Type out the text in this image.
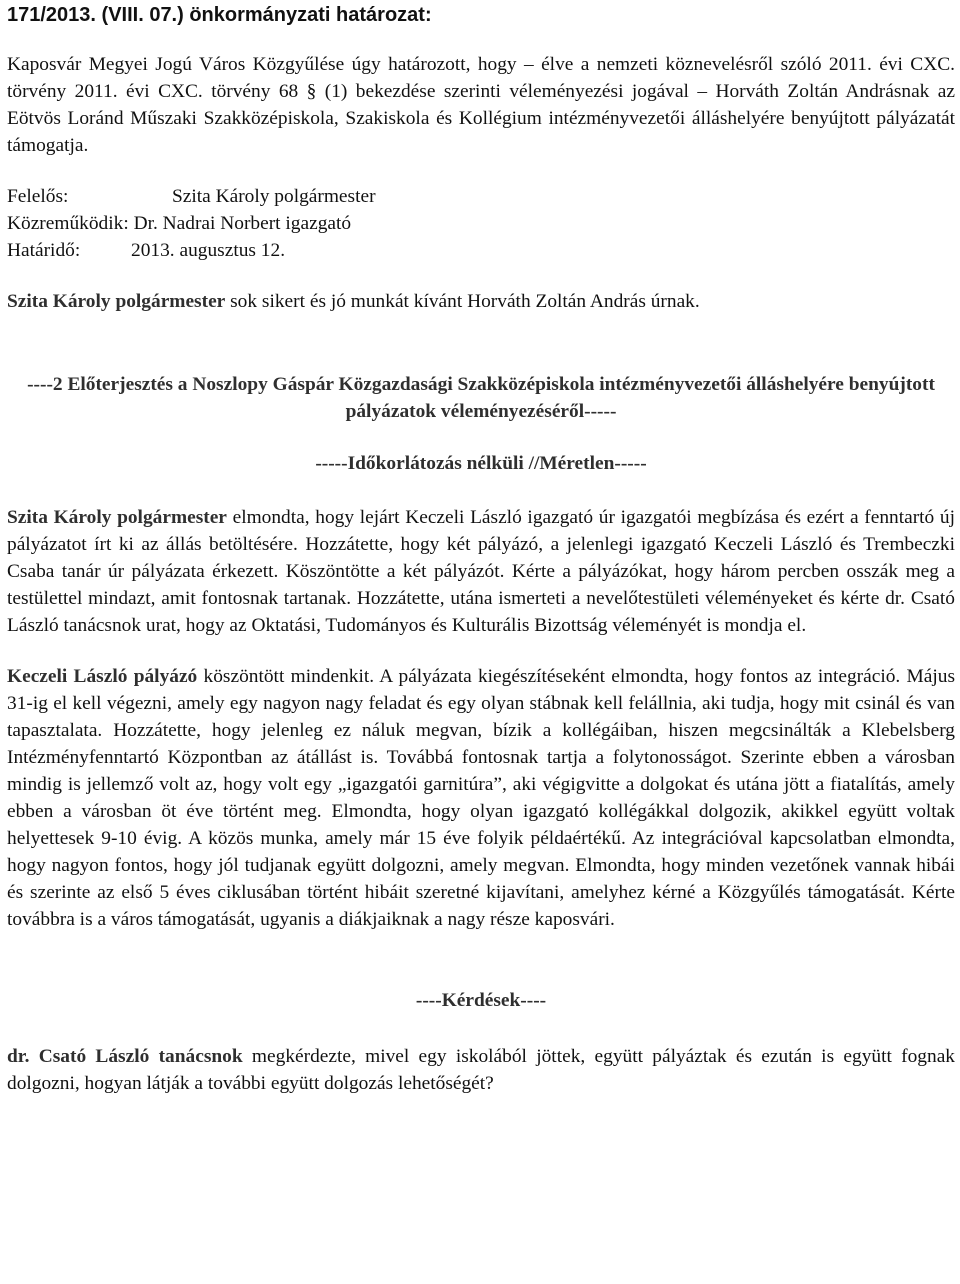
171/2013. (VIII. 07.) önkormányzati határozat:

Kaposvár Megyei Jogú Város Közgyűlése úgy határozott, hogy – élve a nemzeti köznevelésről szóló 2011. évi CXC. törvény 2011. évi CXC. törvény 68 § (1) bekezdése szerinti véleményezési jogával – Horváth Zoltán Andrásnak az Eötvös Loránd Műszaki Szakközépiskola, Szakiskola és Kollégium intézményvezetői álláshelyére benyújtott pályázatát támogatja.

Felelős:	Szita Károly polgármester
Közreműködik: Dr. Nadrai Norbert igazgató
Határidő:	2013. augusztus 12.

Szita Károly polgármester sok sikert és jó munkát kívánt Horváth Zoltán András úrnak.

----2 Előterjesztés a Noszlopy Gáspár Közgazdasági Szakközépiskola intézményvezetői álláshelyére benyújtott pályázatok véleményezéséről-----
-----Időkorlátozás nélküli //Méretlen-----

Szita Károly polgármester elmondta, hogy lejárt Keczeli László igazgató úr igazgatói megbízása és ezért a fenntartó új pályázatot írt ki az állás betöltésére. Hozzátette, hogy két pályázó, a jelenlegi igazgató Keczeli László és Trembeczki Csaba tanár úr pályázata érkezett. Köszöntötte a két pályázót. Kérte a pályázókat, hogy három percben osszák meg a testülettel mindazt, amit fontosnak tartanak. Hozzátette, utána ismerteti a nevelőtestületi véleményeket és kérte dr. Csató László tanácsnok urat, hogy az Oktatási, Tudományos és Kulturális Bizottság véleményét is mondja el.

Keczeli László pályázó köszöntött mindenkit. A pályázata kiegészítéseként elmondta, hogy fontos az integráció. Május 31-ig el kell végezni, amely egy nagyon nagy feladat és egy olyan stábnak kell felállnia, aki tudja, hogy mit csinál és van tapasztalata. Hozzátette, hogy jelenleg ez náluk megvan, bízik a kollégáiban, hiszen megcsinálták a Klebelsberg Intézményfenntartó Központban az átállást is. Továbbá fontosnak tartja a folytonosságot. Szerinte ebben a városban mindig is jellemző volt az, hogy volt egy „igazgatói garnitúra”, aki végigvitte a dolgokat és utána jött a fiatalítás, amely ebben a városban öt éve történt meg. Elmondta, hogy olyan igazgató kollégákkal dolgozik, akikkel együtt voltak helyettesek 9-10 évig. A közös munka, amely már 15 éve folyik példaértékű. Az integrációval kapcsolatban elmondta, hogy nagyon fontos, hogy jól tudjanak együtt dolgozni, amely megvan. Elmondta, hogy minden vezetőnek vannak hibái és szerinte az első 5 éves ciklusában történt hibáit szeretné kijavítani, amelyhez kérné a Közgyűlés támogatását. Kérte továbbra is a város támogatását, ugyanis a diákjaiknak a nagy része kaposvári.

----Kérdések----

dr. Csató László tanácsnok megkérdezte, mivel egy iskolából jöttek, együtt pályáztak és ezután is együtt fognak dolgozni, hogyan látják a további együtt dolgozás lehetőségét?
